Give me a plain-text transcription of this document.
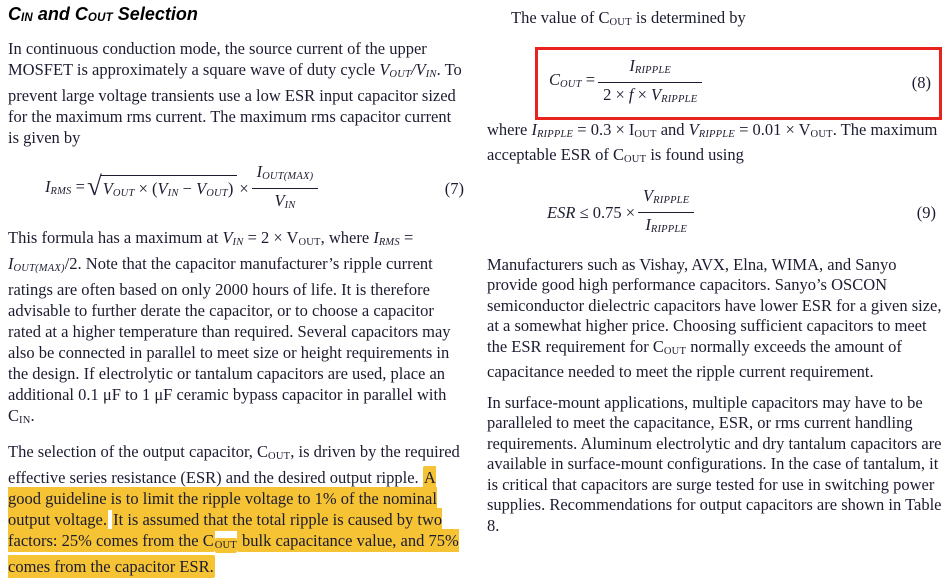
CIN and COUT Selection

In continuous conduction mode, the source current of the upper MOSFET is approximately a square wave of duty cycle VOUT/VIN. To prevent large voltage transients use a low ESR input capacitor sized for the maximum rms current. The maximum rms capacitor current is given by

IRMS = √ VOUT × (VIN − VOUT) × $\frac{\text{IOUT(MAX)}}{\text{VIN}}$	(7)

This formula has a maximum at VIN = 2 × VOUT, where IRMS = IOUT(MAX)/2. Note that the capacitor manufacturer’s ripple current ratings are often based on only 2000 hours of life. It is therefore advisable to further derate the capacitor, or to choose a capacitor rated at a higher temperature than required. Several capacitors may also be connected in parallel to meet size or height requirements in the design. If electrolytic or tantalum capacitors are used, place an additional 0.1 μF to 1 μF ceramic bypass capacitor in parallel with CIN.

The selection of the output capacitor, COUT, is driven by the required effective series resistance (ESR) and the desired output ripple. A good guideline is to limit the ripple voltage to 1% of the nominal output voltage. It is assumed that the total ripple is caused by two factors: 25% comes from the COUT bulk capacitance value, and 75% comes from the capacitor ESR.

The value of COUT is determined by

COUT = $\frac{\text{IRIPPLE}}{\text{2 × f × VRIPPLE}}$	(8)

where IRIPPLE = 0.3 × IOUT and VRIPPLE = 0.01 × VOUT. The maximum acceptable ESR of COUT is found using

ESR ≤ $0.75 \times \frac{\text{VRIPPLE}}{\text{IRIPPLE}}$	(9)

Manufacturers such as Vishay, AVX, Elna, WIMA, and Sanyo provide good high performance capacitors. Sanyo’s OSCON semiconductor dielectric capacitors have lower ESR for a given size, at a somewhat higher price. Choosing sufficient capacitors to meet the ESR requirement for COUT normally exceeds the amount of capacitance needed to meet the ripple current requirement.

In surface-mount applications, multiple capacitors may have to be paralleled to meet the capacitance, ESR, or rms current handling requirements. Aluminum electrolytic and dry tantalum capacitors are available in surface-mount configurations. In the case of tantalum, it is critical that capacitors are surge tested for use in switching power supplies. Recommendations for output capacitors are shown in Table 8.
